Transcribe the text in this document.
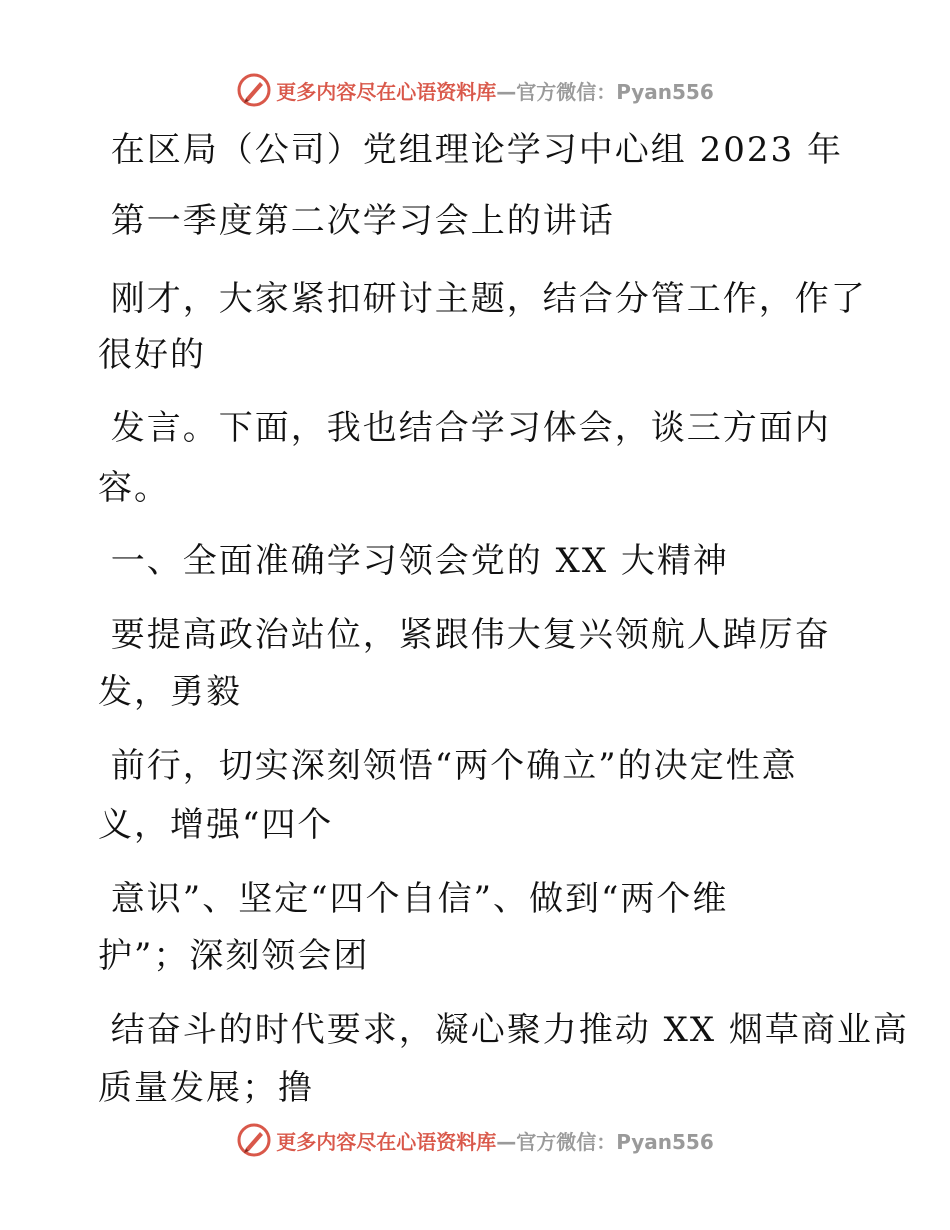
更多内容尽在心语资料库—官方微信：Pyan556
在区局（公司）党组理论学习中心组 2023 年
第一季度第二次学习会上的讲话
刚才，大家紧扣研讨主题，结合分管工作，作了
很好的
发言。下面，我也结合学习体会，谈三方面内
容。
一、全面准确学习领会党的 XX 大精神
要提高政治站位，紧跟伟大复兴领航人踔厉奋
发，勇毅
前行，切实深刻领悟“两个确立”的决定性意
义，增强“四个
意识”、坚定“四个自信”、做到“两个维
护”；深刻领会团
结奋斗的时代要求，凝心聚力推动 XX 烟草商业高
质量发展；撸
更多内容尽在心语资料库—官方微信：Pyan556
